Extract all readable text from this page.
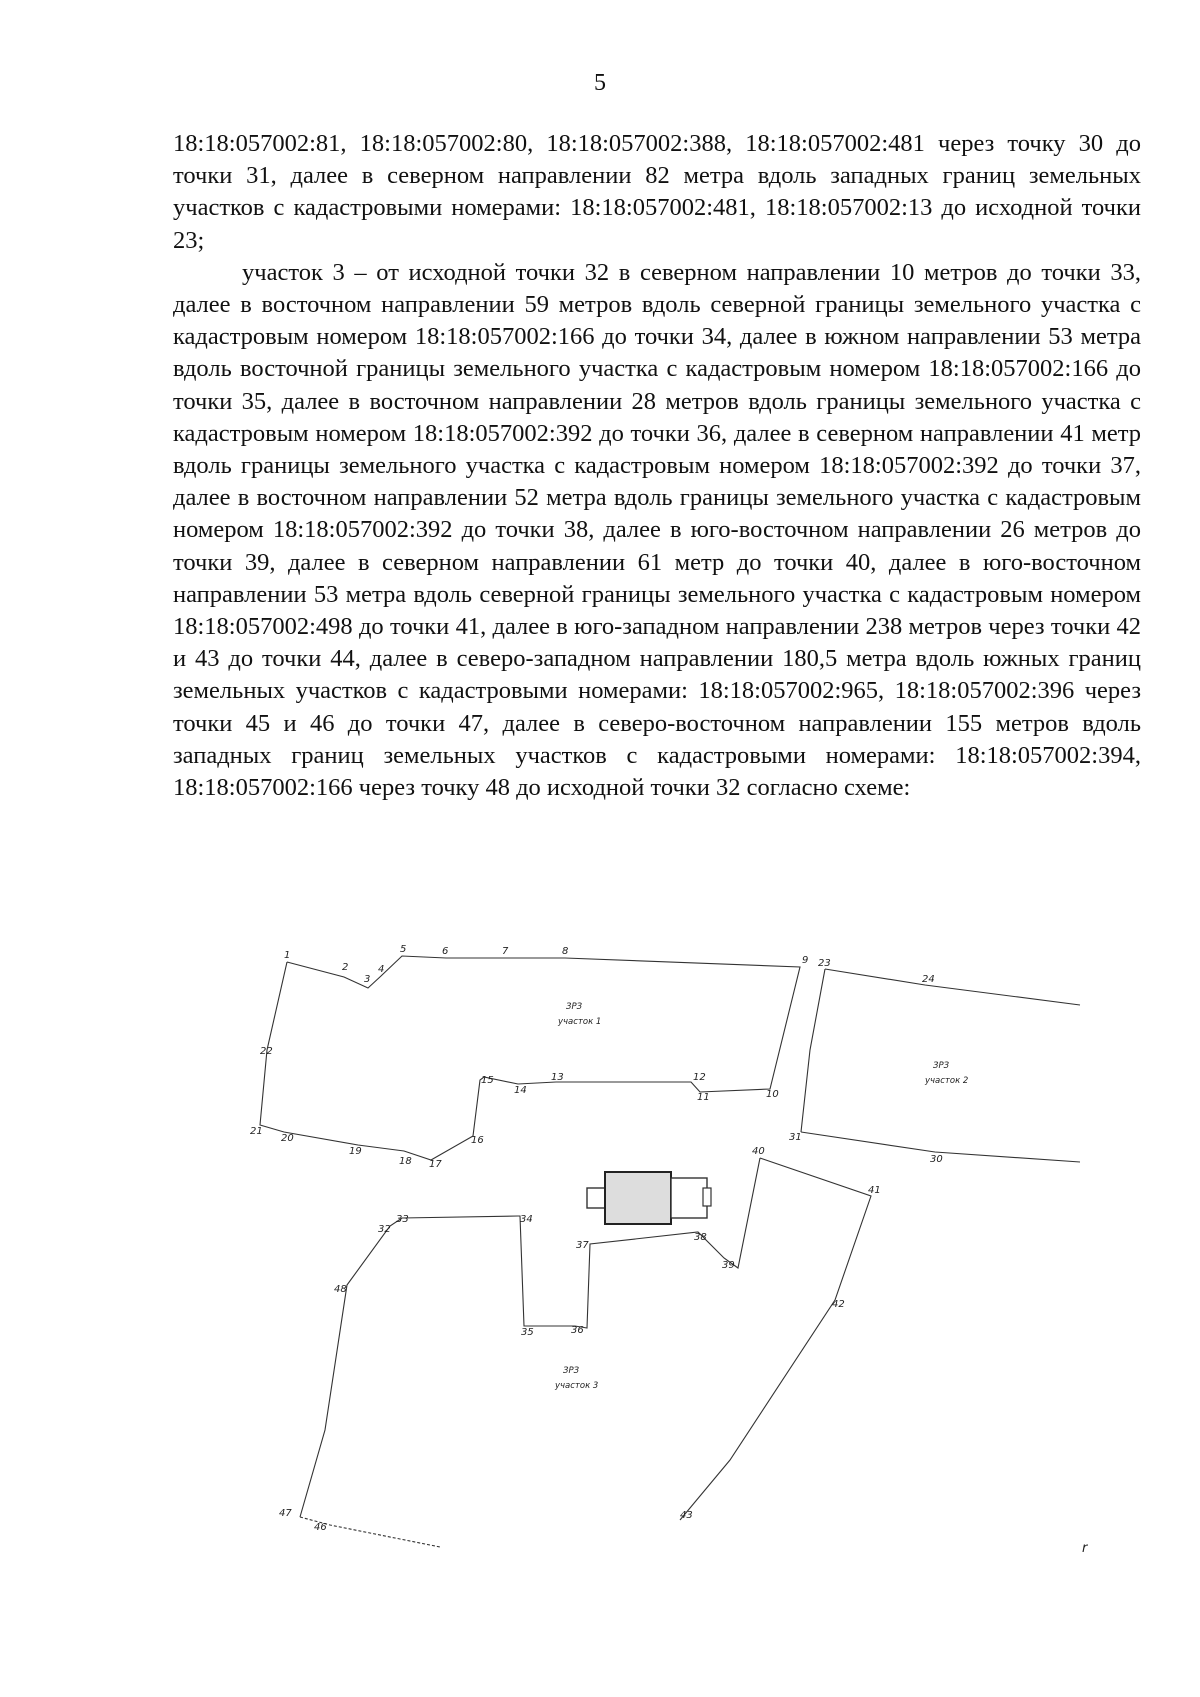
5

18:18:057002:81, 18:18:057002:80, 18:18:057002:388, 18:18:057002:481 через точку 30 до точки 31, далее в северном направлении 82 метра вдоль западных границ земельных участков с кадастровыми номерами: 18:18:057002:481, 18:18:057002:13 до исходной точки 23;

участок 3 – от исходной точки 32 в северном направлении 10 метров до точки 33, далее в восточном направлении 59 метров вдоль северной границы земельного участка с кадастровым номером 18:18:057002:166 до точки 34, далее в южном направлении 53 метра вдоль восточной границы земельного участка с кадастровым номером 18:18:057002:166 до точки 35, далее в восточном направлении 28 метров вдоль границы земельного участка с кадастровым номером 18:18:057002:392 до точки 36, далее в северном направлении 41 метр вдоль границы земельного участка с кадастровым номером 18:18:057002:392 до точки 37, далее в восточном направлении 52 метра вдоль границы земельного участка с кадастровым номером 18:18:057002:392 до точки 38, далее в юго-восточном направлении 26 метров до точки 39, далее в северном направлении 61 метр до точки 40, далее в юго-восточном направлении 53 метра вдоль северной границы земельного участка с кадастровым номером 18:18:057002:498 до точки 41, далее в юго-западном направлении 238 метров через точки 42 и 43 до точки 44, далее в северо-западном направлении 180,5 метра вдоль южных границ земельных участков с кадастровыми номерами: 18:18:057002:965, 18:18:057002:396 через точки 45 и 46 до точки 47, далее в северо-восточном направлении 155 метров вдоль западных границ земельных участков с кадастровыми номерами: 18:18:057002:394, 18:18:057002:166 через точку 48 до исходной точки 32 согласно схеме:

ЗРЗ
участок 1
ЗРЗ
участок 2
ЗРЗ
участок 3
1
2
3
4
5	6	7	8
9
10
11
12
13
14
15
16
17
18
19
20
21
22
23
24
31
30
32
33	34
35	36
37
38
39
40
41
42
43
47
46
48
r
